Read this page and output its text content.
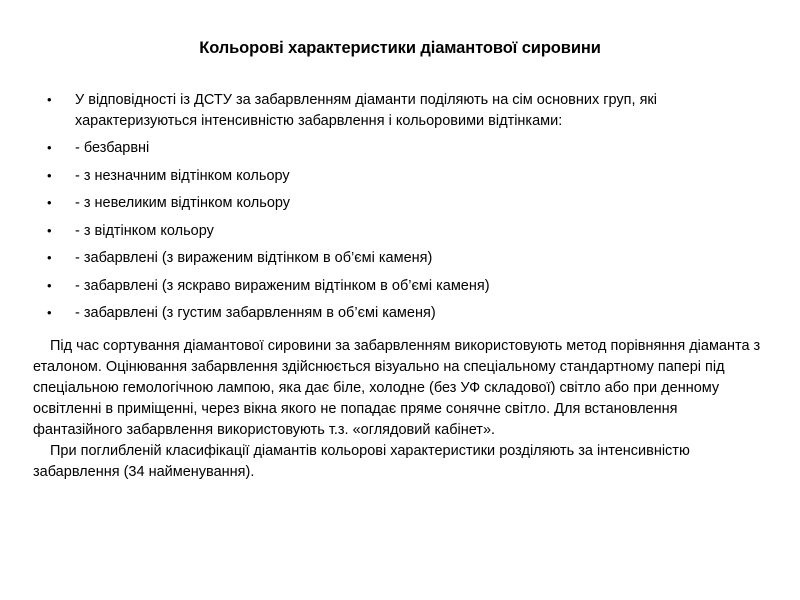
Кольорові характеристики діамантової сировини
• У відповідності із ДСТУ за забарвленням діаманти поділяють на сім основних груп, які характеризуються інтенсивністю забарвлення і кольоровими відтінками:
• - безбарвні
• - з незначним відтінком кольору
• - з невеликим відтінком кольору
• - з відтінком кольору
• - забарвлені (з вираженим відтінком в об’ємі каменя)
• - забарвлені (з яскраво вираженим відтінком в об’ємі каменя)
• - забарвлені (з густим забарвленням в об’ємі каменя)

Під час сортування діамантової сировини за забарвленням використовують метод порівняння діаманта з еталоном. Оцінювання забарвлення здійснюється візуально на спеціальному стандартному папері під спеціальною гемологічною лампою, яка дає біле, холодне (без УФ складової) світло або при денному освітленні в приміщенні, через вікна якого не попадає пряме сонячне світло. Для встановлення фантазійного забарвлення використовують т.з. «оглядовий кабінет».

При поглибленій класифікації діамантів кольорові характеристики розділяють за інтенсивністю забарвлення (34 найменування).
